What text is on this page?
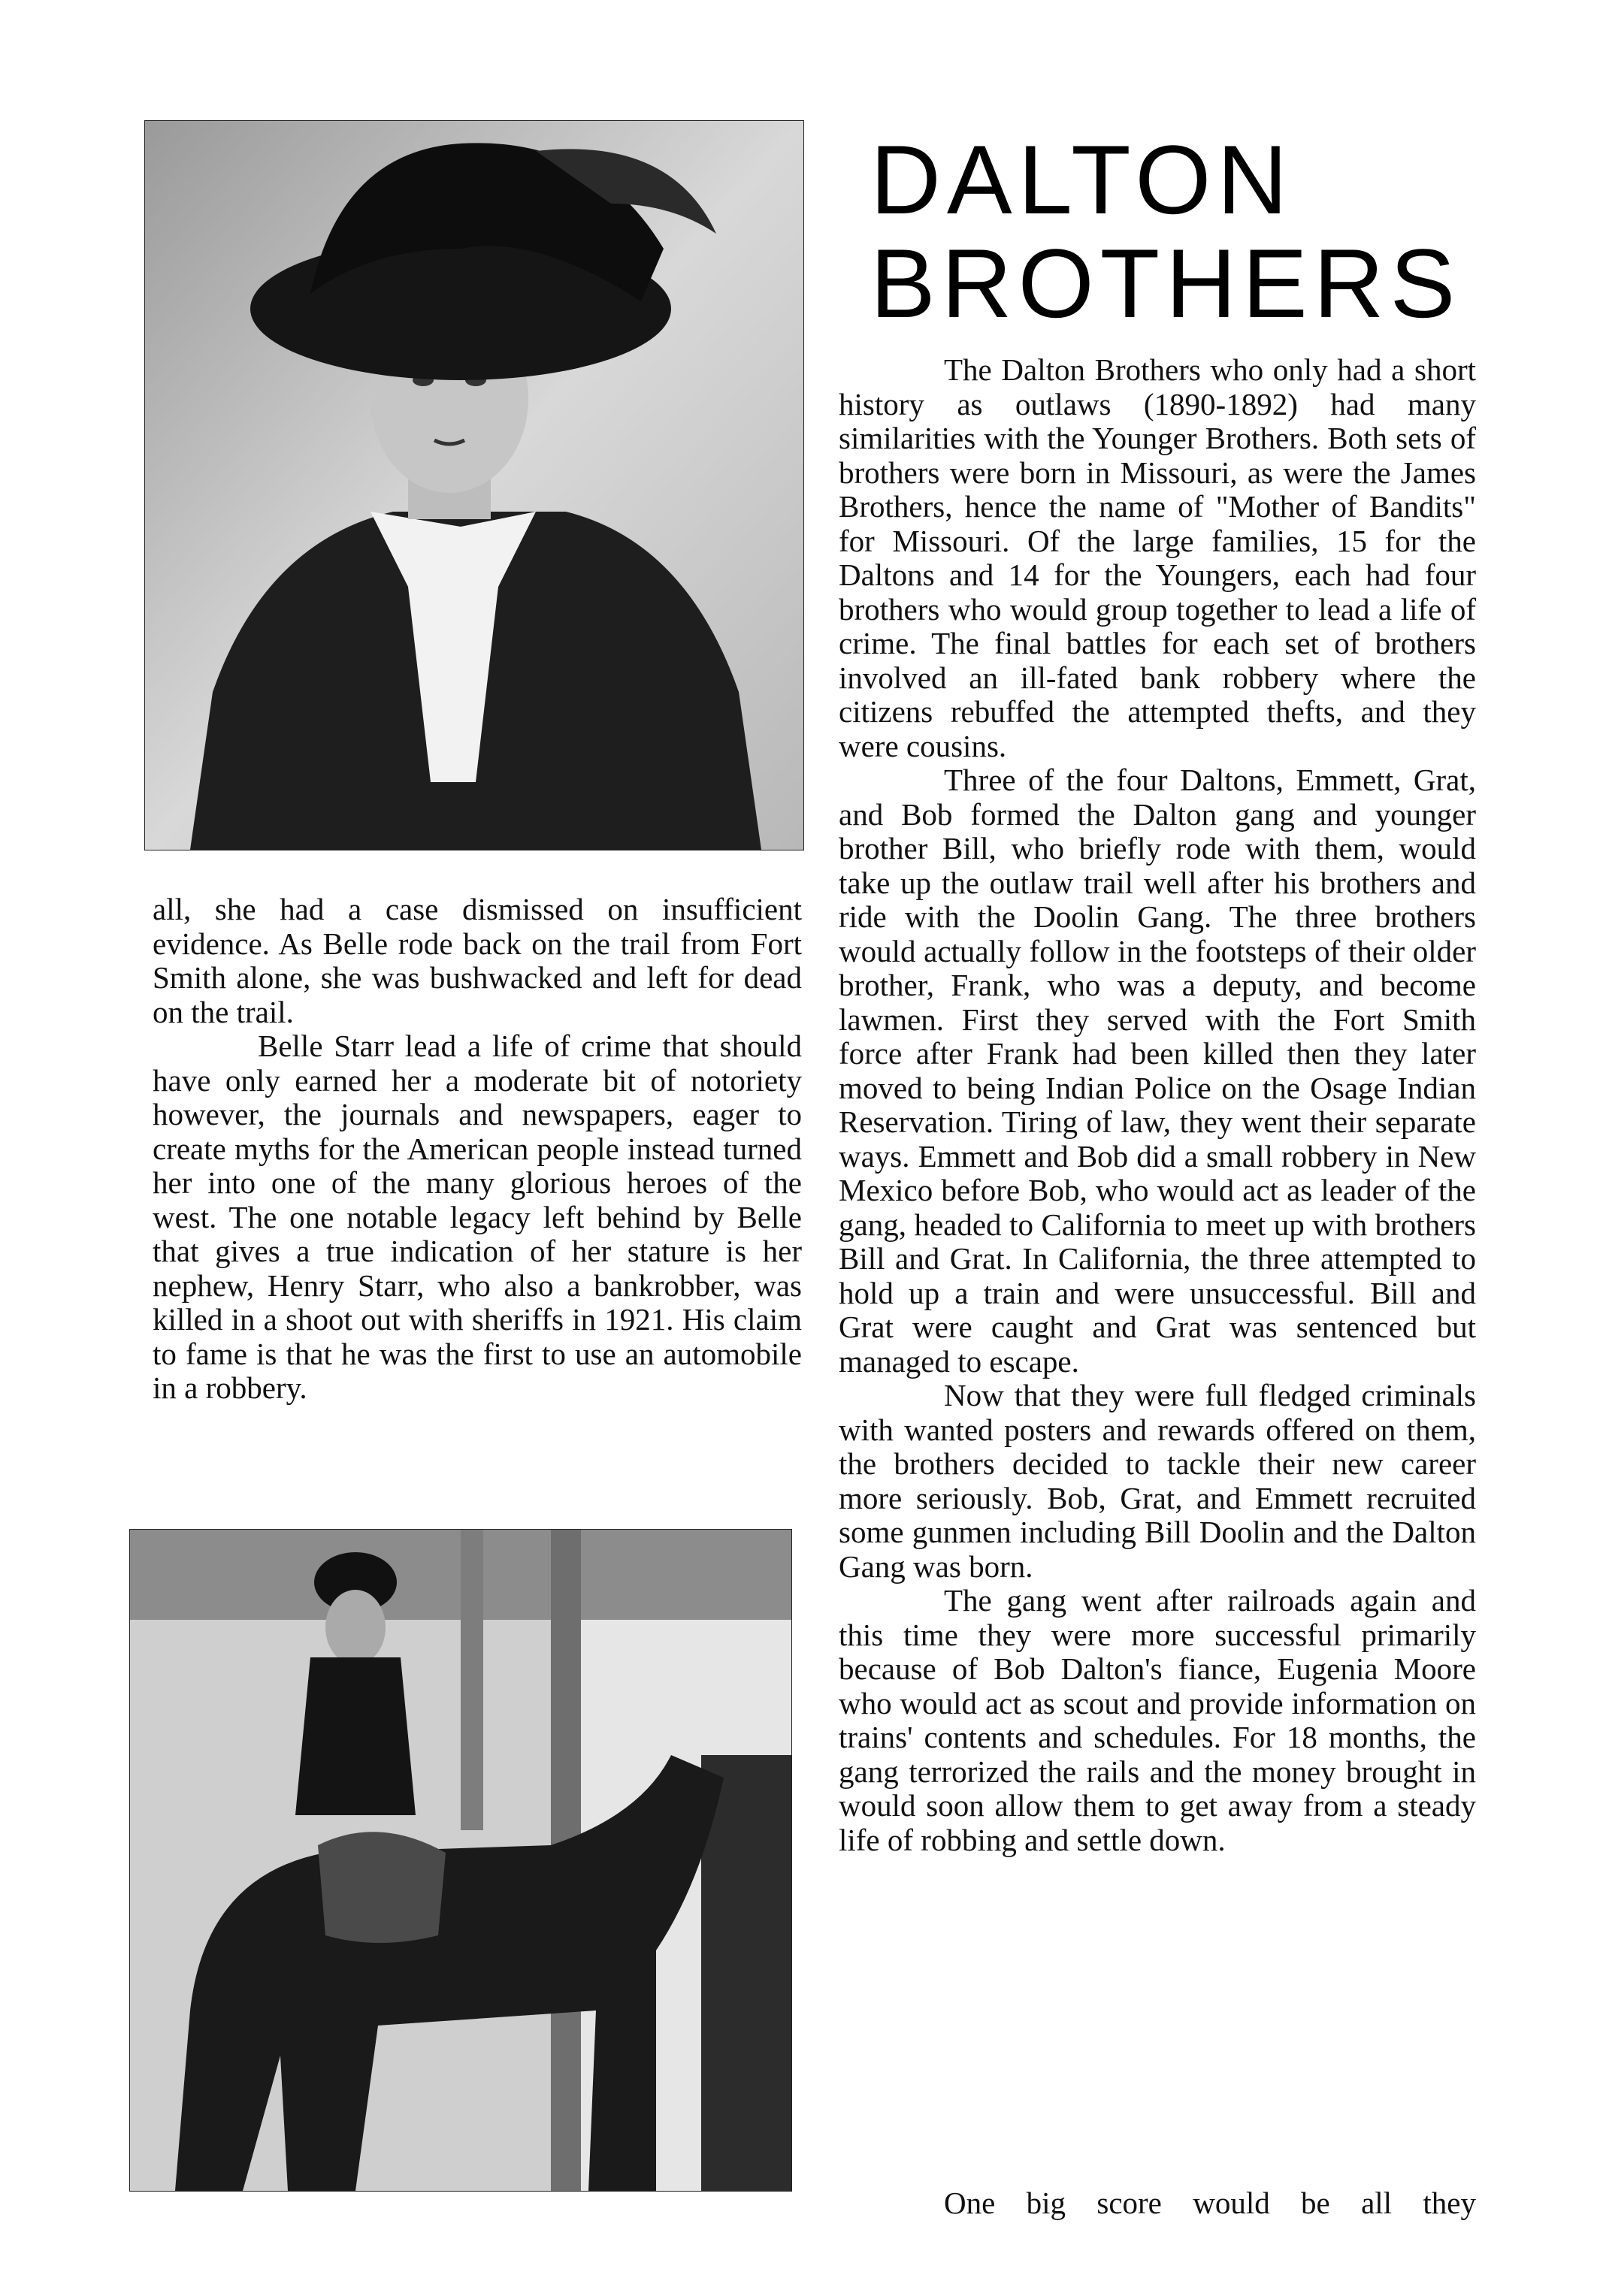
all, she had a case dismissed on insufficient evidence. As Belle rode back on the trail from Fort Smith alone, she was bushwacked and left for dead on the trail.

Belle Starr lead a life of crime that should have only earned her a moderate bit of notoriety however, the journals and newspapers, eager to create myths for the American people instead turned her into one of the many glorious heroes of the west. The one notable legacy left behind by Belle that gives a true indication of her stature is her nephew, Henry Starr, who also a bankrobber, was killed in a shoot out with sheriffs in 1921. His claim to fame is that he was the first to use an automobile in a robbery.

DALTON
BROTHERS

The Dalton Brothers who only had a short history as outlaws (1890-1892) had many similarities with the Younger Brothers. Both sets of brothers were born in Missouri, as were the James Brothers, hence the name of "Mother of Bandits" for Missouri. Of the large families, 15 for the Daltons and 14 for the Youngers, each had four brothers who would group together to lead a life of crime. The final battles for each set of brothers involved an ill-fated bank robbery where the citizens rebuffed the attempted thefts, and they were cousins.

Three of the four Daltons, Emmett, Grat, and Bob formed the Dalton gang and younger brother Bill, who briefly rode with them, would take up the outlaw trail well after his brothers and ride with the Doolin Gang. The three brothers would actually follow in the footsteps of their older brother, Frank, who was a deputy, and become lawmen. First they served with the Fort Smith force after Frank had been killed then they later moved to being Indian Police on the Osage Indian Reservation. Tiring of law, they went their separate ways. Emmett and Bob did a small robbery in New Mexico before Bob, who would act as leader of the gang, headed to California to meet up with brothers Bill and Grat. In California, the three attempted to hold up a train and were unsuccessful. Bill and Grat were caught and Grat was sentenced but managed to escape.

Now that they were full fledged criminals with wanted posters and rewards offered on them, the brothers decided to tackle their new career more seriously. Bob, Grat, and Emmett recruited some gunmen including Bill Doolin and the Dalton Gang was born.

The gang went after railroads again and this time they were more successful primarily because of Bob Dalton's fiance, Eugenia Moore who would act as scout and provide information on trains' contents and schedules. For 18 months, the gang terrorized the rails and the money brought in would soon allow them to get away from a steady life of robbing and settle down.

One big score would be all they
